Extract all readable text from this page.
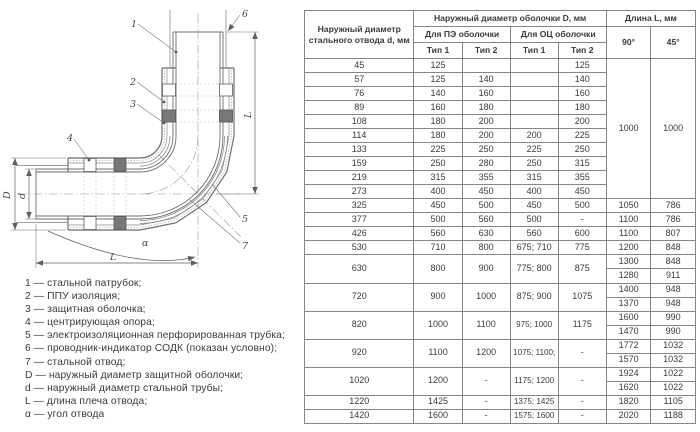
D d
L
L
α
1
2
3
4
5
6
7
1 — стальной патрубок;
2 — ППУ изоляция;
3 — защитная оболочка;
4 — центрирующая опора;
5 — электроизоляционная перфорированная трубка;
6 — проводник-индикатор СОДК (показан условно);
7 — стальной отвод;
D — наружный диаметр защитной оболочки;
d — наружный диаметр стальной трубы;
L — длина плеча отвода;
α — угол отвода
Наружный диаметр стального отвода d, мм	Наружный диаметр оболочки D, мм				Длина L, мм	
	Для ПЭ оболочки		Для ОЦ оболочки		90°	45°
	Тип 1	Тип 2	Тип 1	Тип 2		
45	125			125	1000	1000
57	125	140		140		
76	140	160		160		
89	160	180		180		
108	180	200		200		
114	180	200	200	225		
133	225	250	225	250		
159	250	280	250	315		
219	315	355	315	355		
273	400	450	400	450		
325	450	500	450	500	1050	786
377	500	560	500	-	1100	786
426	560	630	560	600	1100	807
530	710	800	675; 710	775	1200	848
630	800	900	775; 800	875	1300	848
					1280	911
720	900	1000	875; 900	1075	1400	948
					1370	948
820	1000	1100	975; 1000	1175	1600	990
					1470	990
920	1100	1200	1075; 1100;	-	1772	1032
					1570	1032
1020	1200	-	1175; 1200	-	1924	1022
					1620	1022
1220	1425	-	1375; 1425	-	1820	1105
1420	1600	-	1575; 1600	-	2020	1188
